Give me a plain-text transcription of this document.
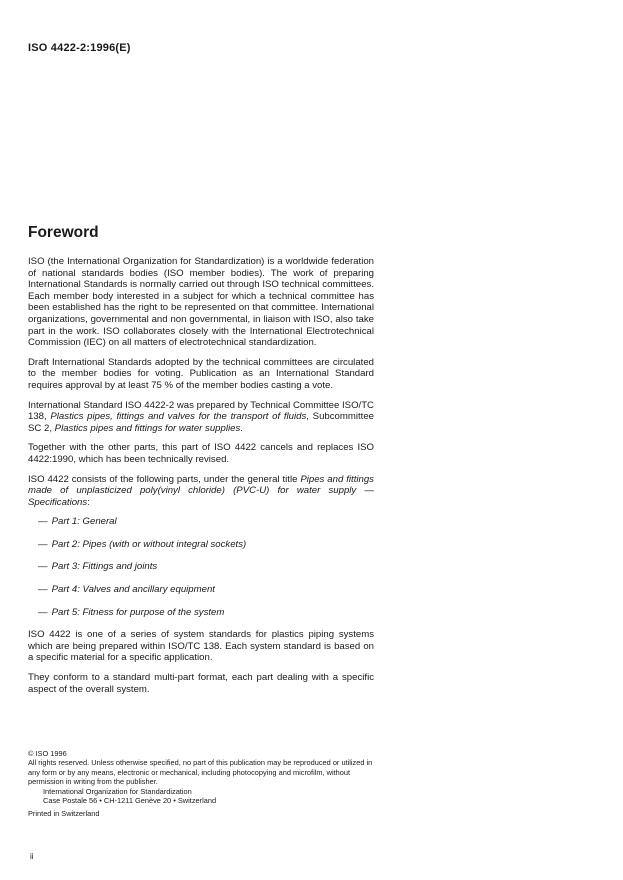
ISO 4422-2:1996(E)
Foreword

ISO (the International Organization for Standardization) is a worldwide federation of national standards bodies (ISO member bodies). The work of preparing International Standards is normally carried out through ISO technical committees. Each member body interested in a subject for which a technical committee has been established has the right to be represented on that committee. International organizations, governmental and non governmental, in liaison with ISO, also take part in the work. ISO collaborates closely with the International Electrotechnical Commission (IEC) on all matters of electrotechnical standardization.

Draft International Standards adopted by the technical committees are circulated to the member bodies for voting. Publication as an International Standard requires approval by at least 75 % of the member bodies casting a vote.

International Standard ISO 4422-2 was prepared by Technical Committee ISO/TC 138, Plastics pipes, fittings and valves for the transport of fluids, Subcommittee SC 2, Plastics pipes and fittings for water supplies.

Together with the other parts, this part of ISO 4422 cancels and replaces ISO 4422:1990, which has been technically revised.

ISO 4422 consists of the following parts, under the general title Pipes and fittings made of unplasticized poly(vinyl chloride) (PVC-U) for water supply — Specifications:

— Part 1: General

— Part 2: Pipes (with or without integral sockets)

— Part 3: Fittings and joints

— Part 4: Valves and ancillary equipment

— Part 5: Fitness for purpose of the system

ISO 4422 is one of a series of system standards for plastics piping systems which are being prepared within ISO/TC 138. Each system standard is based on a specific material for a specific application.

They conform to a standard multi-part format, each part dealing with a specific aspect of the overall system.

© ISO 1996
All rights reserved. Unless otherwise specified, no part of this publication may be reproduced or utilized in any form or by any means, electronic or mechanical, including photocopying and microfilm, without permission in writing from the publisher.
International Organization for Standardization
Case Postale 56 • CH-1211 Genève 20 • Switzerland
Printed in Switzerland
ii
